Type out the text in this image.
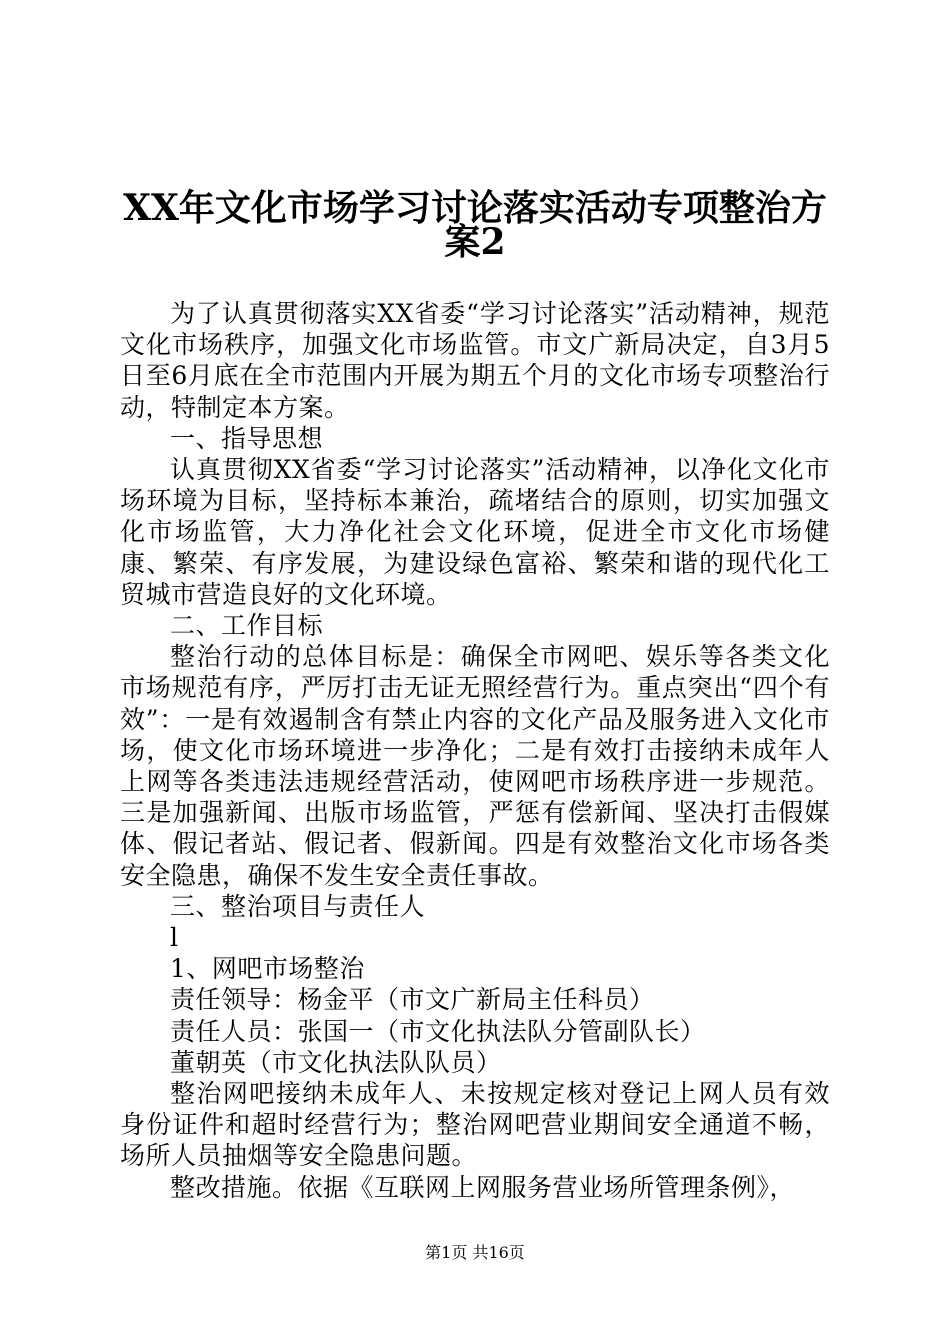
XX年文化市场学习讨论落实活动专项整治方
案2

为了认真贯彻落实XX省委“学习讨论落实”活动精神，规范文化市场秩序，加强文化市场监管。市文广新局决定，自3月5日至6月底在全市范围内开展为期五个月的文化市场专项整治行动，特制定本方案。

一、指导思想

认真贯彻XX省委“学习讨论落实”活动精神，以净化文化市场环境为目标，坚持标本兼治，疏堵结合的原则，切实加强文化市场监管，大力净化社会文化环境，促进全市文化市场健康、繁荣、有序发展，为建设绿色富裕、繁荣和谐的现代化工贸城市营造良好的文化环境。

二、工作目标

整治行动的总体目标是：确保全市网吧、娱乐等各类文化市场规范有序，严厉打击无证无照经营行为。重点突出“四个有效”：一是有效遏制含有禁止内容的文化产品及服务进入文化市场，使文化市场环境进一步净化；二是有效打击接纳未成年人上网等各类违法违规经营活动，使网吧市场秩序进一步规范。三是加强新闻、出版市场监管，严惩有偿新闻、坚决打击假媒体、假记者站、假记者、假新闻。四是有效整治文化市场各类安全隐患，确保不发生安全责任事故。

三、整治项目与责任人

l

1、网吧市场整治

责任领导：杨金平（市文广新局主任科员）

责任人员：张国一（市文化执法队分管副队长）

董朝英（市文化执法队队员）

整治网吧接纳未成年人、未按规定核对登记上网人员有效身份证件和超时经营行为；整治网吧营业期间安全通道不畅，场所人员抽烟等安全隐患问题。

整改措施。依据《互联网上网服务营业场所管理条例》，

第1页 共16页
